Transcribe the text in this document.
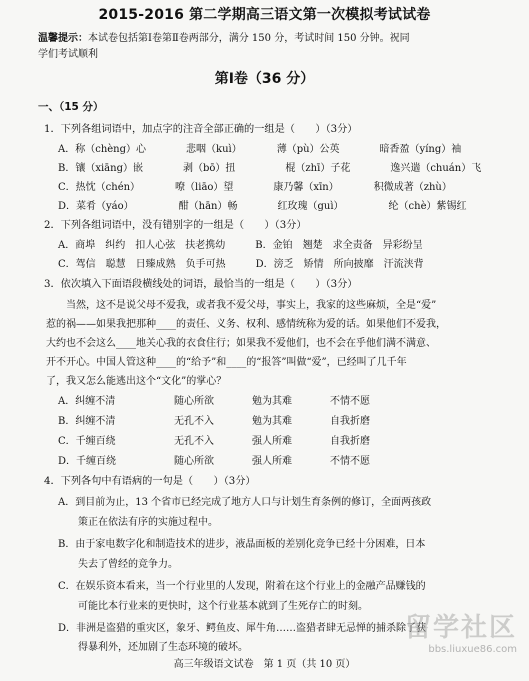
2015-2016 第二学期高三语文第一次模拟考试试卷
温馨提示：本试卷包括第Ⅰ卷第Ⅱ卷两部分，满分 150 分，考试时间 150 分钟。祝同
学们考试顺利
第Ⅰ卷（36 分）
一、（15 分）
1．下列各组词语中，加点字的注音全部正确的一组是（　　）（3分）
A．称（chèng）心　　　　悲咽（kuì）　　　　薄（pù）公英　　　　暗香盈（yíng）袖
B．镶（xiāng）嵌　　　　剥（bō）扭　　　　　棍（zhī）子花　　　　逸兴遄（chuán）飞
C．热忱（chén）　　　　嘹（liāo）望　　　　康乃馨（xīn）　　　　积微成著（zhù）
D．菜肴（yáo）　　　　　酣（hān）畅　　　　红玫瑰（guì）　　　　　纶（chè）紫锡红
2．下列各组词语中，没有错别字的一组是（　　）（3分）
A．商埠　纠约　扣人心弦　扶老携幼　　　B．金铂　翘楚　求全责备　异彩纷呈
C．驾信　聪慧　日臻成熟　负手可热　　　D．滂乏　矫情　所向披靡　汗流浃背
3．依次填入下面语段横线处的词语，最恰当的一组是（　　）（3分）
　　当然，这不是说父母不爱我，或者我不爱父母，事实上，我家的这些麻烦，全是“爱”
惹的祸——如果我把那种____的责任、义务、权利、感情统称为爱的话。如果他们不爱我，
大约也不会这么____地关心我的衣食住行；如果我不爱他们，也不会在乎他们满不满意、
开不开心。中国人管这种____的“给予”和____的“报答”叫做“爱”，已经叫了几千年
了，我又怎么能逃出这个“文化”的掌心？
A．纠缠不清	随心所欲	勉为其难	不情不愿
B．纠缠不清	无孔不入	勉为其难	自我折磨
C．千缠百绕	无孔不入	强人所难	自我折磨
D．千缠百绕	随心所欲	强人所难	不情不愿
4．下列各句中有语病的一句是（　　）（3分）
A．到目前为止，13 个省市已经完成了地方人口与计划生育条例的修订，全面两孩政
　　策正在依法有序的实施过程中。
B．由于家电数字化和制造技术的进步，液晶面板的差别化竞争已经十分困难，日本
　　失去了曾经的竞争力。
C．在娱乐资本看来，当一个行业里的人发现，附着在这个行业上的金融产品赚钱的
　　可能比本行业来的更快时，这个行业基本就到了生死存亡的时刻。
D．非洲是盗猎的重灾区，象牙、鳄鱼皮、犀牛角……盗猎者肆无忌惮的捕杀除了获
　　得暴利外，还加剧了生态环境的破坏。
留学社区
bbs.liuxue86.com
高三年级语文试卷　第 1 页（共 10 页）
